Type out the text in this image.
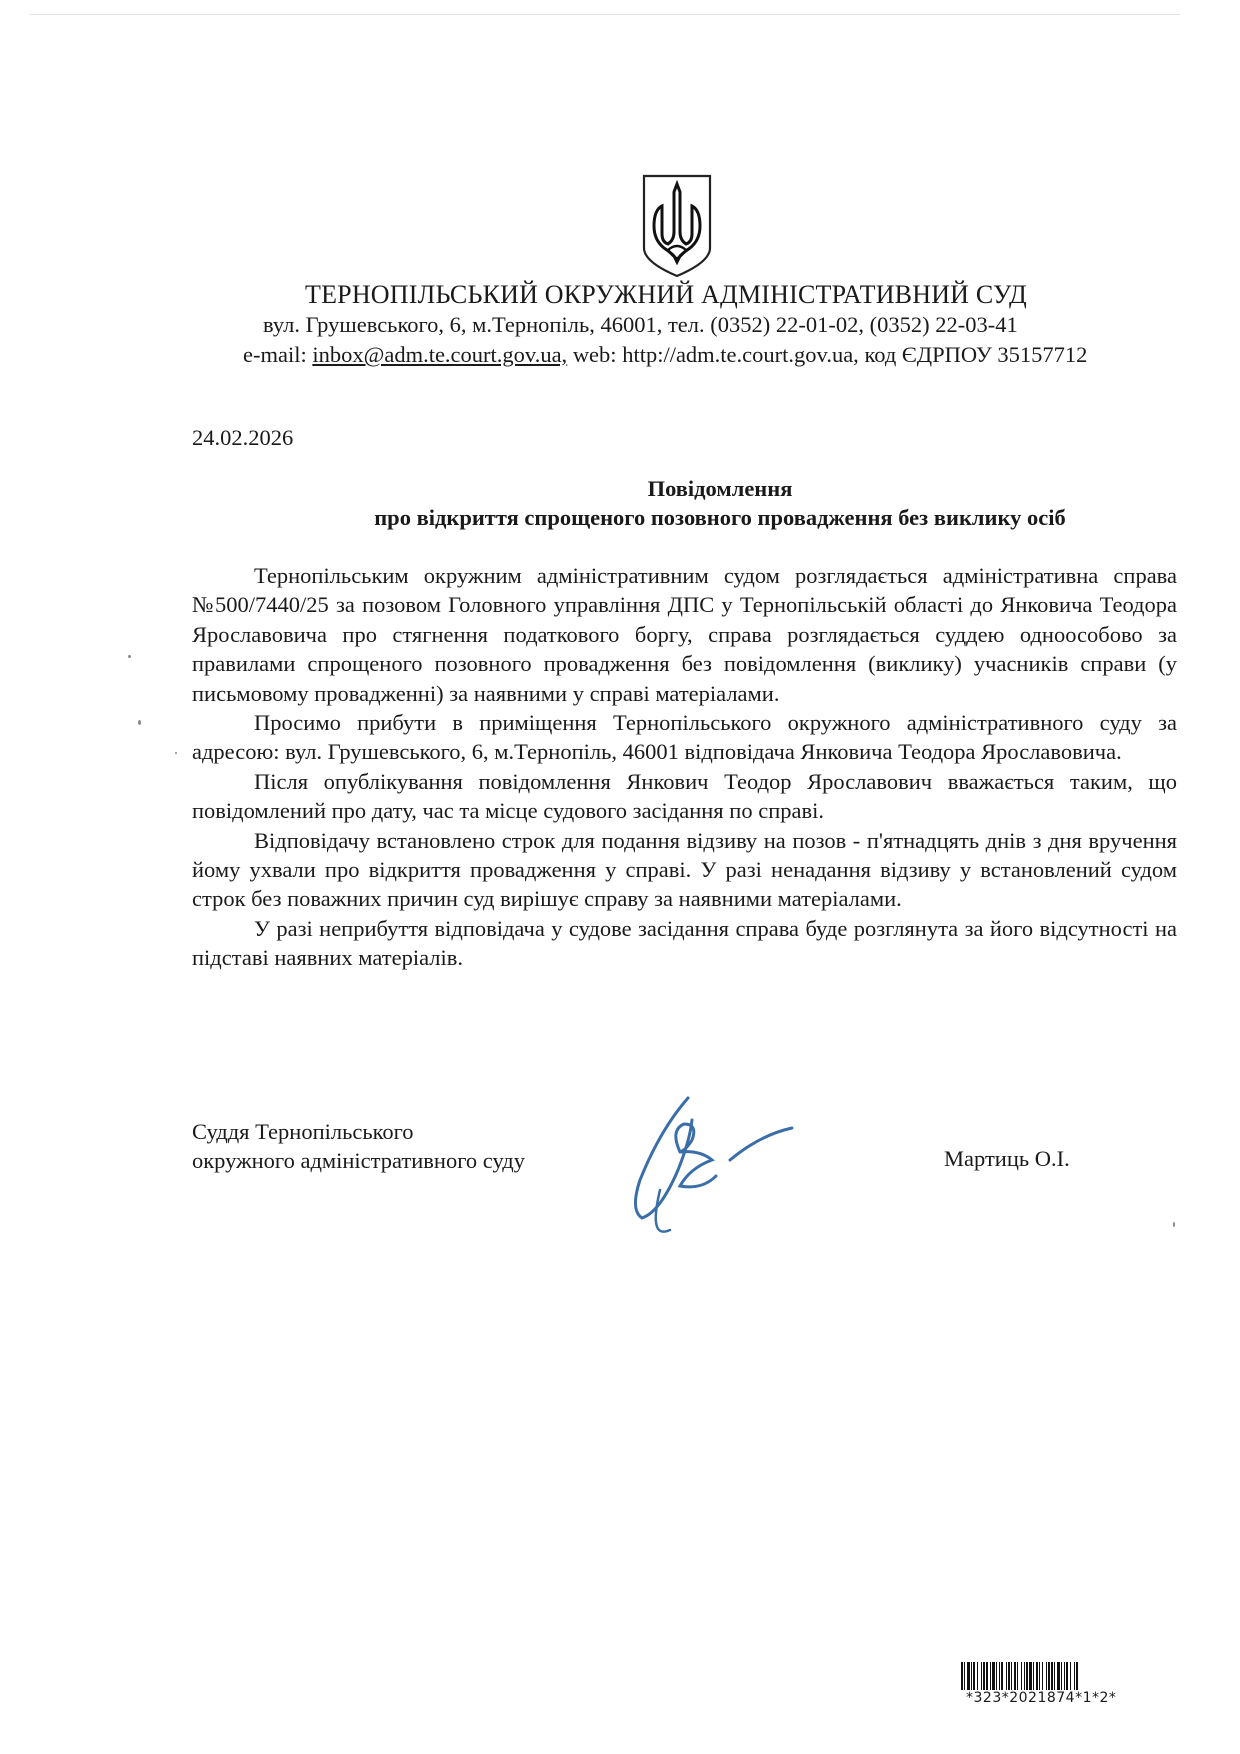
ТЕРНОПІЛЬСЬКИЙ ОКРУЖНИЙ АДМІНІСТРАТИВНИЙ СУД
вул. Грушевського, 6, м.Тернопіль, 46001, тел. (0352) 22-01-02, (0352) 22-03-41
e-mail: inbox@adm.te.court.gov.ua, web: http://adm.te.court.gov.ua, код ЄДРПОУ 35157712
24.02.2026
Повідомлення
про відкриття спрощеного позовного провадження без виклику осіб

Тернопільським окружним адміністративним судом розглядається адміністративна справа №500/7440/25 за позовом Головного управління ДПС у Тернопільській області до Янковича Теодора Ярославовича про стягнення податкового боргу, справа розглядається суддею одноособово за правилами спрощеного позовного провадження без повідомлення (виклику) учасників справи (у письмовому провадженні) за наявними у справі матеріалами.

Просимо прибути в приміщення Тернопільського окружного адміністративного суду за адресою: вул. Грушевського, 6, м.Тернопіль, 46001 відповідача Янковича Теодора Ярославовича.

Після опублікування повідомлення Янкович Теодор Ярославович вважається таким, що повідомлений про дату, час та місце судового засідання по справі.

Відповідачу встановлено строк для подання відзиву на позов - п'ятнадцять днів з дня вручення йому ухвали про відкриття провадження у справі. У разі ненадання відзиву у встановлений судом строк без поважних причин суд вирішує справу за наявними матеріалами.

У разі неприбуття відповідача у судове засідання справа буде розглянута за його відсутності на підставі наявних матеріалів.

Суддя Тернопільського
окружного адміністративного суду	Мартиць О.І.
*323*2021874*1*2*
